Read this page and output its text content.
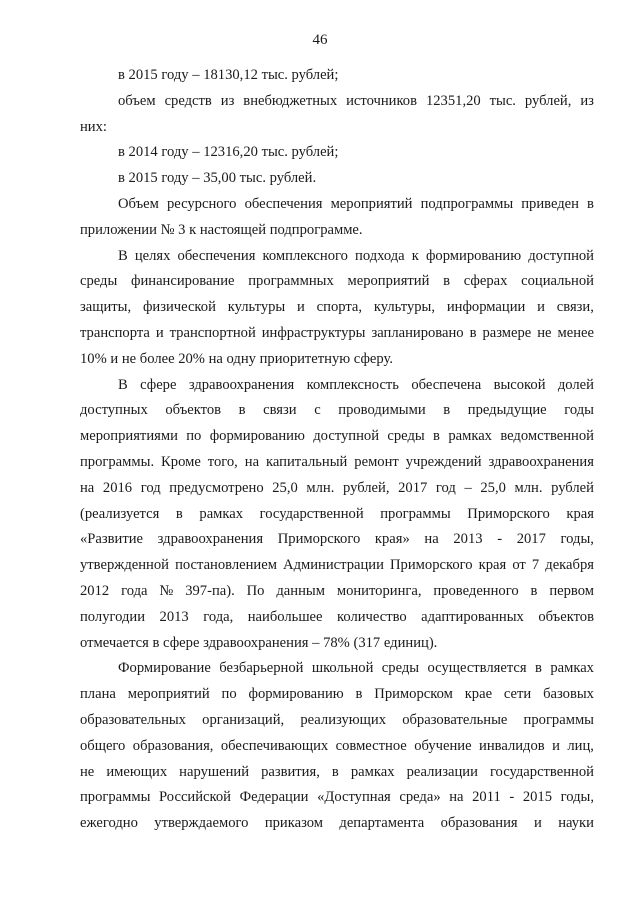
46
в 2015 году – 18130,12 тыс. рублей;
объем средств из внебюджетных источников 12351,20 тыс. рублей, из
них:
в 2014 году – 12316,20 тыс. рублей;
в 2015 году – 35,00 тыс. рублей.
Объем ресурсного обеспечения мероприятий подпрограммы приведен в
приложении № 3 к настоящей подпрограмме.
В целях обеспечения комплексного подхода к формированию доступной
среды финансирование программных мероприятий в сферах социальной
защиты, физической культуры и спорта, культуры, информации и связи,
транспорта и транспортной инфраструктуры запланировано в размере не менее
10% и не более 20% на одну приоритетную сферу.
В сфере здравоохранения комплексность обеспечена высокой долей
доступных объектов в связи с проводимыми в предыдущие годы
мероприятиями по формированию доступной среды в рамках ведомственной
программы. Кроме того, на капитальный ремонт учреждений здравоохранения
на 2016 год предусмотрено 25,0 млн. рублей, 2017 год – 25,0 млн. рублей
(реализуется в рамках государственной программы Приморского края
«Развитие здравоохранения Приморского края» на 2013 - 2017 годы,
утвержденной постановлением Администрации Приморского края от 7 декабря
2012 года № 397-па). По данным мониторинга, проведенного в первом
полугодии 2013 года, наибольшее количество адаптированных объектов
отмечается в сфере здравоохранения – 78% (317 единиц).
Формирование безбарьерной школьной среды осуществляется в рамках
плана мероприятий по формированию в Приморском крае сети базовых
образовательных организаций, реализующих образовательные программы
общего образования, обеспечивающих совместное обучение инвалидов и лиц,
не имеющих нарушений развития, в рамках реализации государственной
программы Российской Федерации «Доступная среда» на 2011 - 2015 годы,
ежегодно утверждаемого приказом департамента образования и науки
